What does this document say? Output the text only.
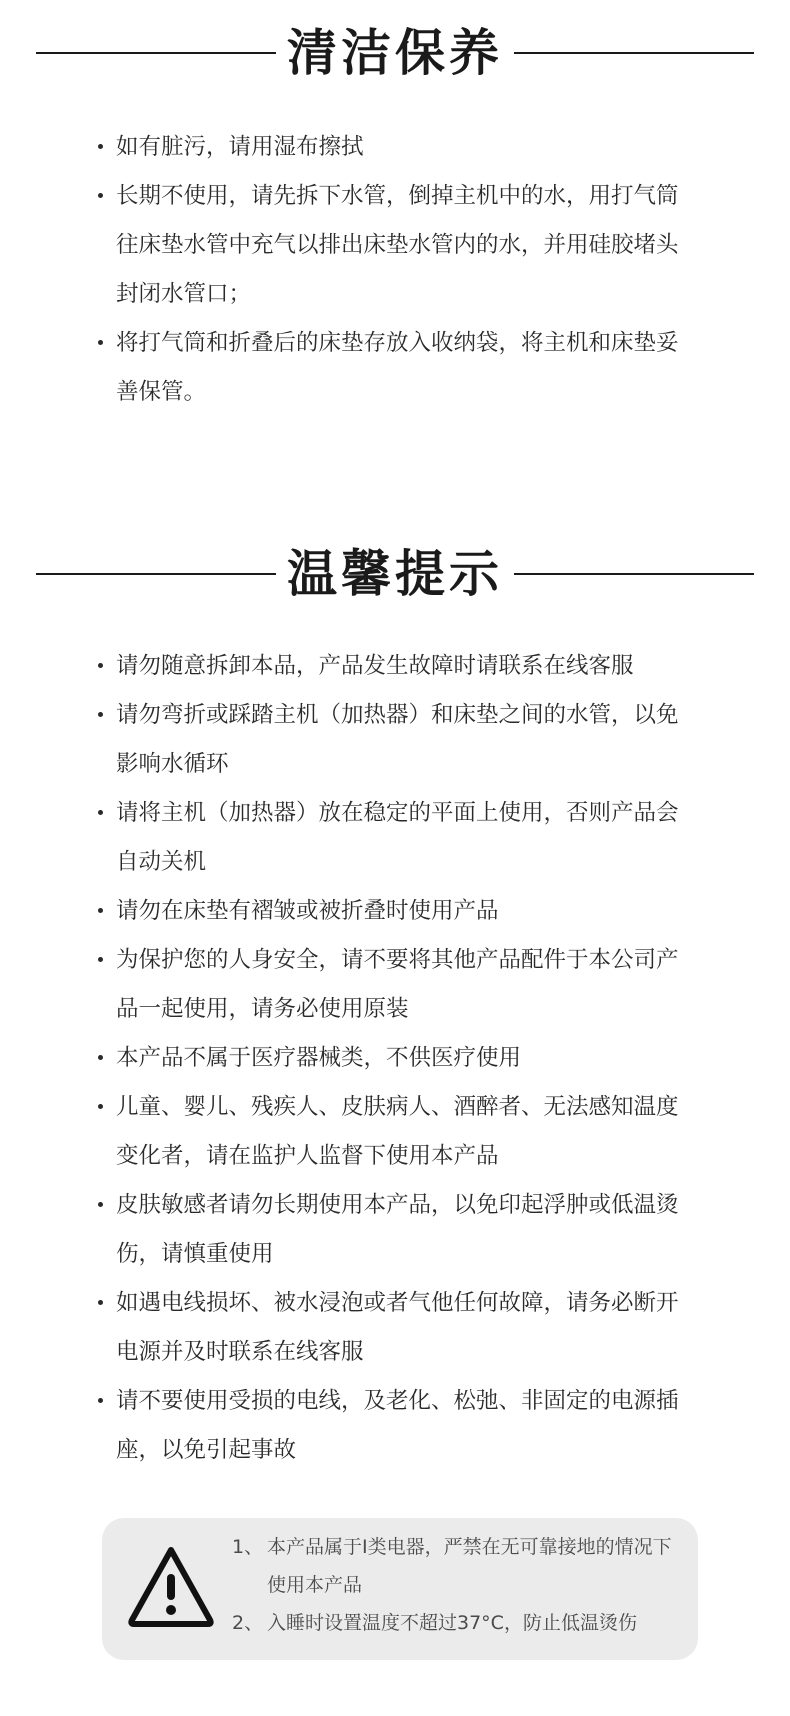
清洁保养
如有脏污，请用湿布擦拭
长期不使用，请先拆下水管，倒掉主机中的水，用打气筒往床垫水管中充气以排出床垫水管内的水，并用硅胶堵头封闭水管口；
将打气筒和折叠后的床垫存放入收纳袋，将主机和床垫妥善保管。
温馨提示
请勿随意拆卸本品，产品发生故障时请联系在线客服
请勿弯折或踩踏主机（加热器）和床垫之间的水管，以免影响水循环
请将主机（加热器）放在稳定的平面上使用，否则产品会自动关机
请勿在床垫有褶皱或被折叠时使用产品
为保护您的人身安全，请不要将其他产品配件于本公司产品一起使用，请务必使用原装
本产品不属于医疗器械类，不供医疗使用
儿童、婴儿、残疾人、皮肤病人、酒醉者、无法感知温度变化者，请在监护人监督下使用本产品
皮肤敏感者请勿长期使用本产品，以免印起浮肿或低温烫伤，请慎重使用
如遇电线损坏、被水浸泡或者气他任何故障，请务必断开电源并及时联系在线客服
请不要使用受损的电线，及老化、松弛、非固定的电源插座，以免引起事故
1、 本产品属于I类电器，严禁在无可靠接地的情况下使用本产品
2、 入睡时设置温度不超过37°C，防止低温烫伤
